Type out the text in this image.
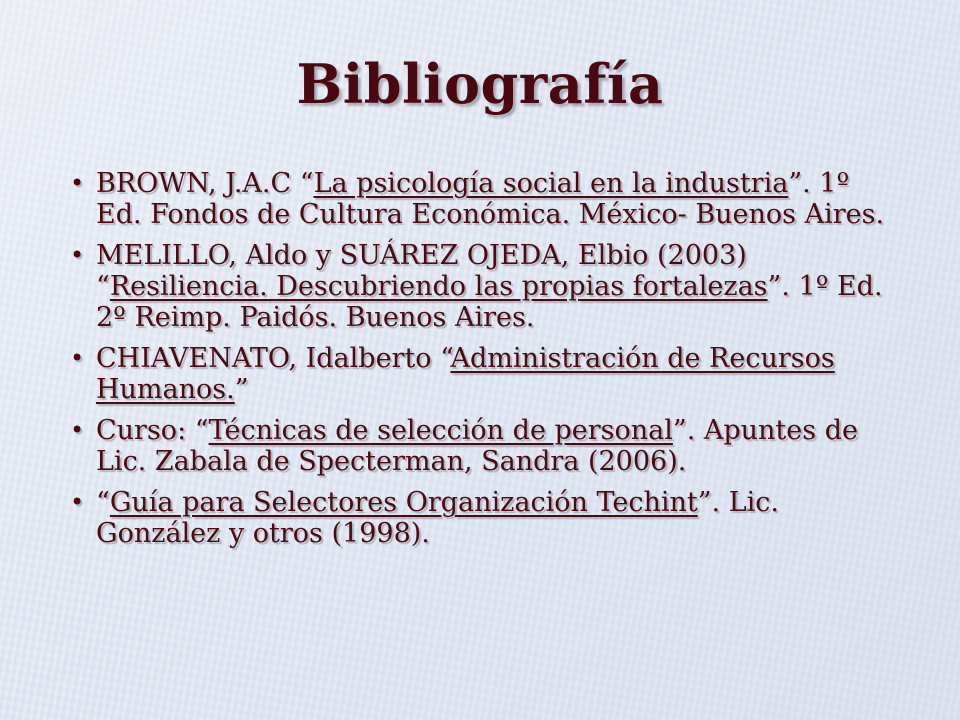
Bibliografía
• BROWN, J.A.C “La psicología social en la industria”. 1º Ed. Fondos de Cultura Económica. México- Buenos Aires.
• MELILLO, Aldo y SUÁREZ OJEDA, Elbio (2003) “Resiliencia. Descubriendo las propias fortalezas”. 1º Ed. 2º Reimp. Paidós. Buenos Aires.
• CHIAVENATO, Idalberto “Administración de Recursos Humanos.”
• Curso: “Técnicas de selección de personal”. Apuntes de Lic. Zabala de Specterman, Sandra (2006).
• “Guía para Selectores Organización Techint”. Lic. González y otros (1998).
